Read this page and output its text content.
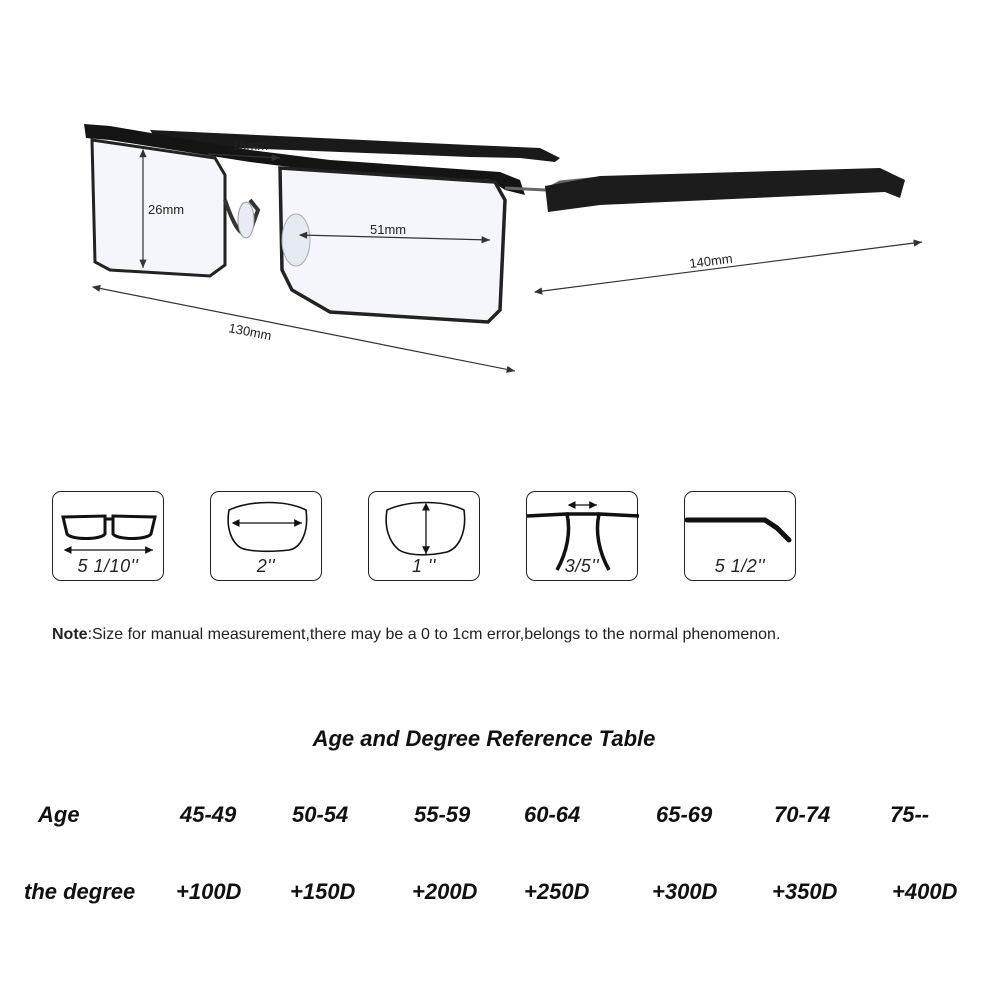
16mm
26mm
51mm
140mm
130mm
5 1/10''	2''	1 ''	3/5''	5 1/2''
Note:Size for manual measurement,there may be a 0 to 1cm error,belongs to the normal phenomenon.
Age and Degree Reference Table
Age	45-49	50-54	55-59 60-64	65-69	70-74	75--
the degree +100D +150D	+200D +250D	+300D +350D +400D
